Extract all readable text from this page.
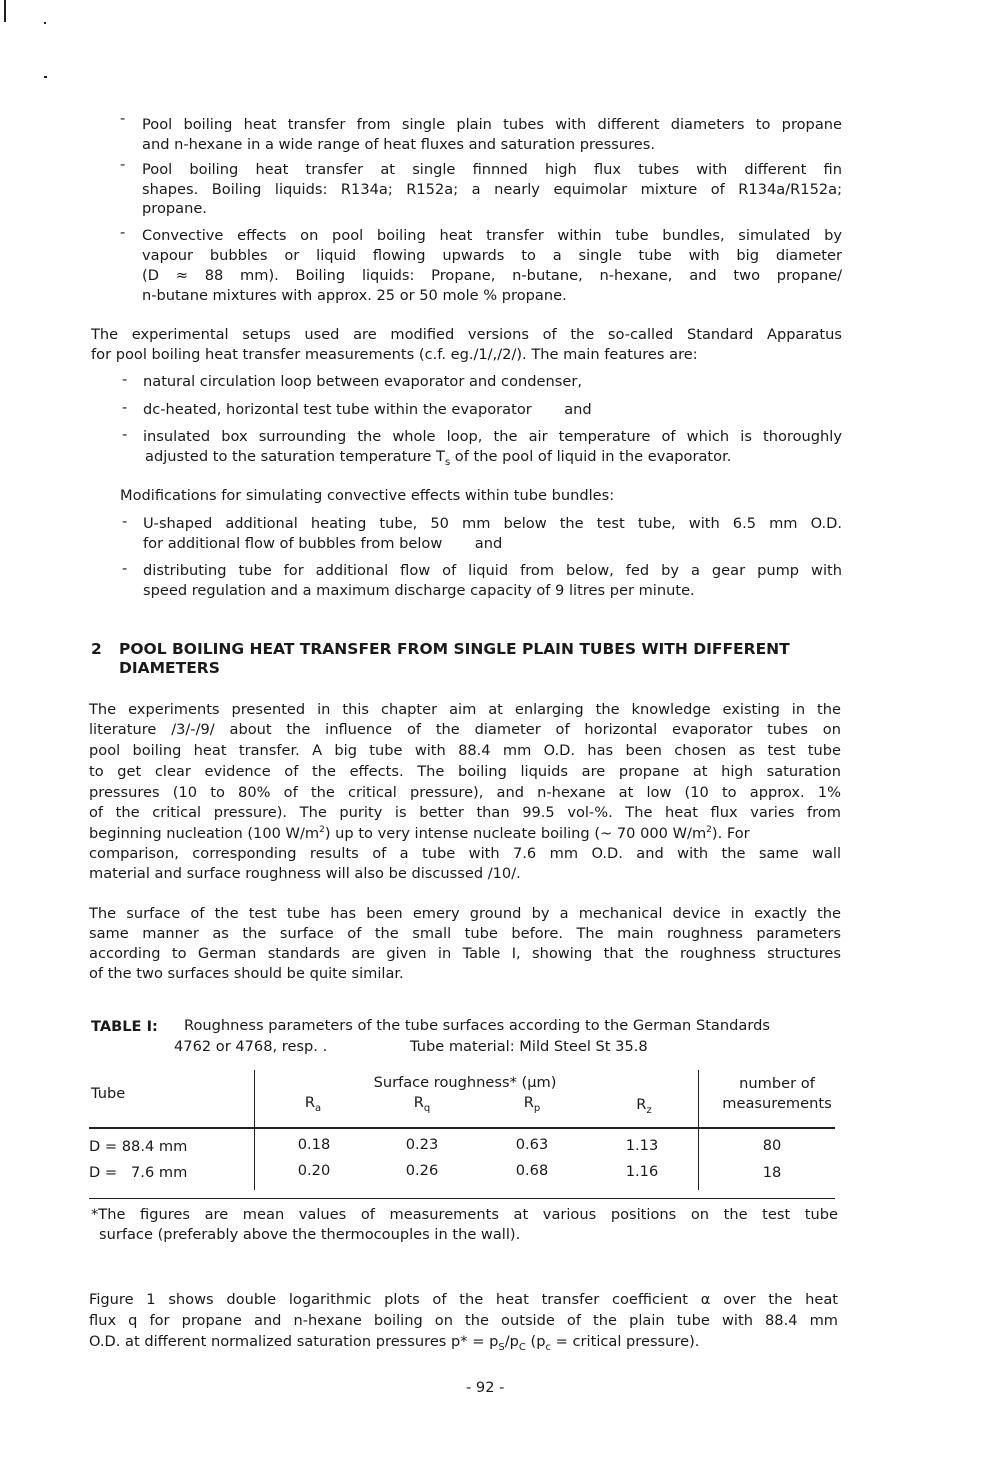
- Pool boiling heat transfer from single plain tubes with different diameters to propane
and n-hexane in a wide range of heat fluxes and saturation pressures.
- Pool boiling heat transfer at single finnned high flux tubes with different fin
shapes. Boiling liquids: R134a; R152a; a nearly equimolar mixture of R134a/R152a;
propane.
- Convective effects on pool boiling heat transfer within tube bundles, simulated by
vapour bubbles or liquid flowing upwards to a single tube with big diameter
(D ≈ 88 mm). Boiling liquids: Propane, n-butane, n-hexane, and two propane/
n-butane mixtures with approx. 25 or 50 mole % propane.
The experimental setups used are modified versions of the so-called Standard Apparatus
for pool boiling heat transfer measurements (c.f. eg./1/,/2/). The main features are:
- natural circulation loop between evaporator and condenser,
- dc-heated, horizontal test tube within the evaporator       and
- insulated box surrounding the whole loop, the air temperature of which is thoroughly
adjusted to the saturation temperature $T_s$ of the pool of liquid in the evaporator.
Modifications for simulating convective effects within tube bundles:
- U-shaped additional heating tube, 50 mm below the test tube, with 6.5 mm O.D.
for additional flow of bubbles from below       and
- distributing tube for additional flow of liquid from below, fed by a gear pump with
speed regulation and a maximum discharge capacity of 9 litres per minute.
2 POOL BOILING HEAT TRANSFER FROM SINGLE PLAIN TUBES WITH DIFFERENT
DIAMETERS
The experiments presented in this chapter aim at enlarging the knowledge existing in the
literature /3/-/9/ about the influence of the diameter of horizontal evaporator tubes on
pool boiling heat transfer. A big tube with 88.4 mm O.D. has been chosen as test tube
to get clear evidence of the effects. The boiling liquids are propane at high saturation
pressures (10 to 80% of the critical pressure), and n-hexane at low (10 to approx. 1%
of the critical pressure). The purity is better than 99.5 vol-%. The heat flux varies from
beginning nucleation (100 $W/m^2$) up to very intense nucleate boiling (~ 70 000 $W/m^2$). For
comparison, corresponding results of a tube with 7.6 mm O.D. and with the same wall
material and surface roughness will also be discussed /10/.
The surface of the test tube has been emery ground by a mechanical device in exactly the
same manner as the surface of the small tube before. The main roughness parameters
according to German standards are given in Table I, showing that the roughness structures
of the two surfaces should be quite similar.
TABLE I: Roughness parameters of the tube surfaces according to the German Standards
4762 or 4768, resp. .	Tube material: Mild Steel St 35.8
Tube
Surface roughness* (µm)
$R_a$	$R_q$	$R_p$	$R_z$
number of
measurements
D = 88.4 mm	0.18	0.23	0.63	1.13	80
D =   7.6 mm	0.20	0.26	0.68	1.16	18
*The figures are mean values of measurements at various positions on the test tube
surface (preferably above the thermocouples in the wall).
Figure 1 shows double logarithmic plots of the heat transfer coefficient α over the heat
flux q for propane and n-hexane boiling on the outside of the plain tube with 88.4 mm
O.D. at different normalized saturation pressures $p* = p_S/p_C$ ($p_c$ = critical pressure).
- 92 -
